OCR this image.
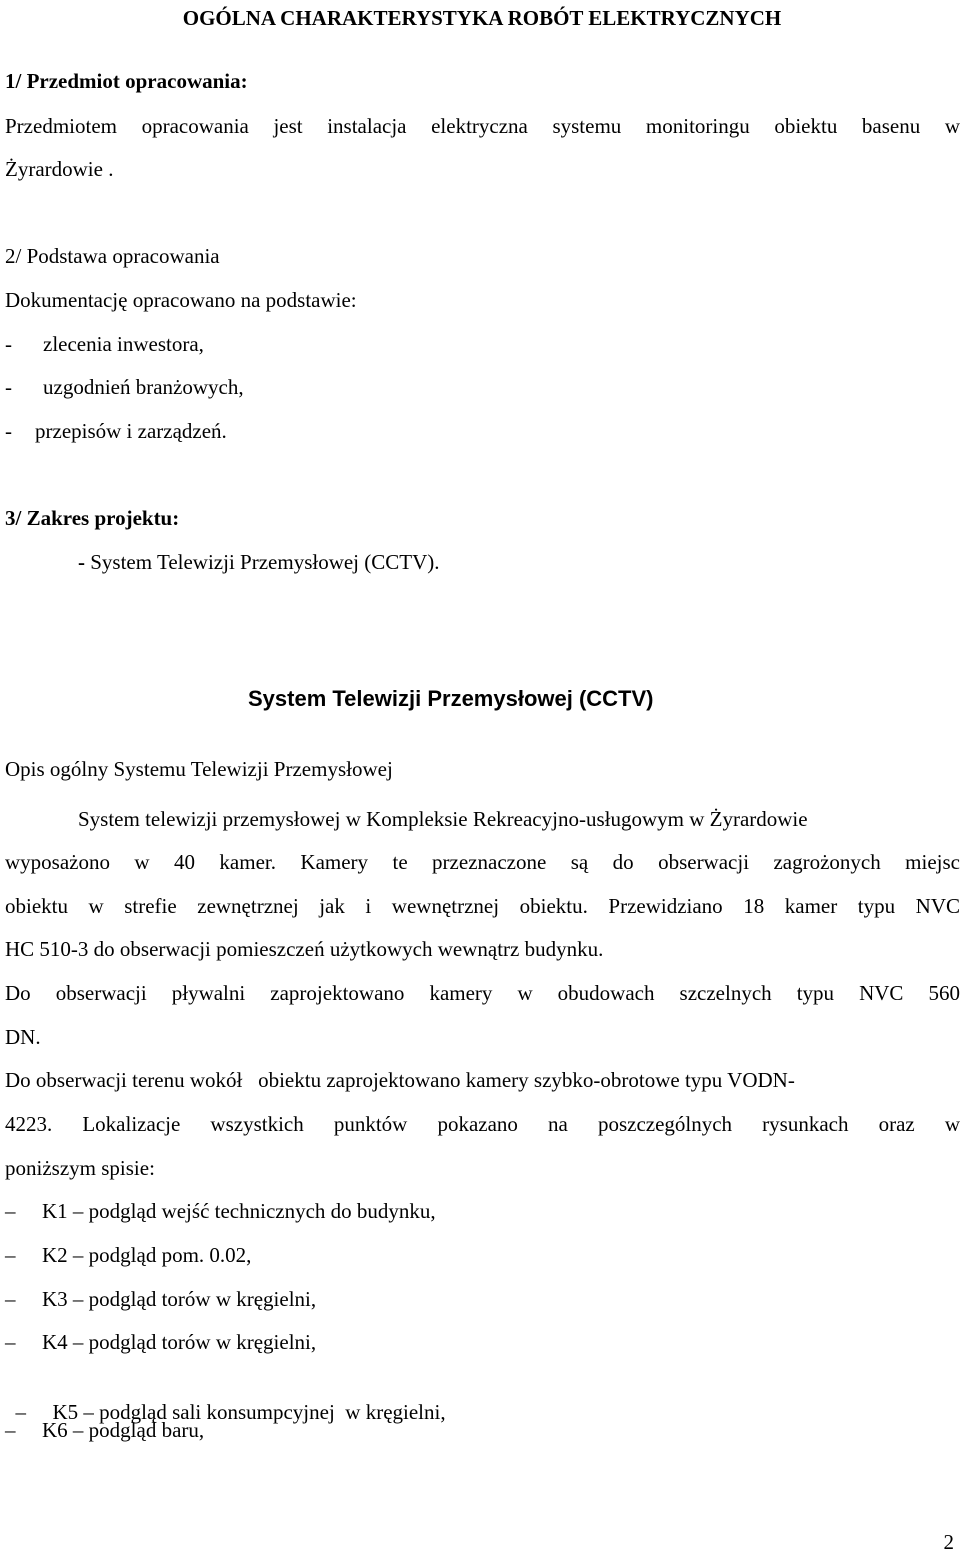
OGÓLNA CHARAKTERYSTYKA ROBÓT ELEKTRYCZNYCH
1/ Przedmiot opracowania:
Przedmiotem opracowania jest instalacja elektryczna systemu monitoringu obiektu basenu w
Żyrardowie .
2/ Podstawa opracowania
Dokumentację opracowano na podstawie:
- zlecenia inwestora,
- uzgodnień branżowych,
- przepisów i zarządzeń.
3/ Zakres projektu:
- System Telewizji Przemysłowej (CCTV).
System Telewizji Przemysłowej (CCTV)
Opis ogólny Systemu Telewizji Przemysłowej
System telewizji przemysłowej w Kompleksie Rekreacyjno-usługowym w Żyrardowie
wyposażono w 40 kamer. Kamery te przeznaczone są do obserwacji zagrożonych miejsc
obiektu w strefie zewnętrznej jak i wewnętrznej obiektu. Przewidziano 18 kamer typu NVC
HC 510-3 do obserwacji pomieszczeń użytkowych wewnątrz budynku.
Do obserwacji pływalni zaprojektowano kamery w obudowach szczelnych typu NVC 560
DN.
Do obserwacji terenu wokół   obiektu zaprojektowano kamery szybko-obrotowe typu VODN-
4223. Lokalizacje wszystkich punktów pokazano na poszczególnych rysunkach oraz w
poniższym spisie:
– K1 – podgląd wejść technicznych do budynku,
– K2 – podgląd pom. 0.02,
– K3 – podgląd torów w kręgielni,
– K4 – podgląd torów w kręgielni,

– K5 – podgląd sali konsumpcyjnej  w kręgielni,

– K6 – podgląd baru,
2
